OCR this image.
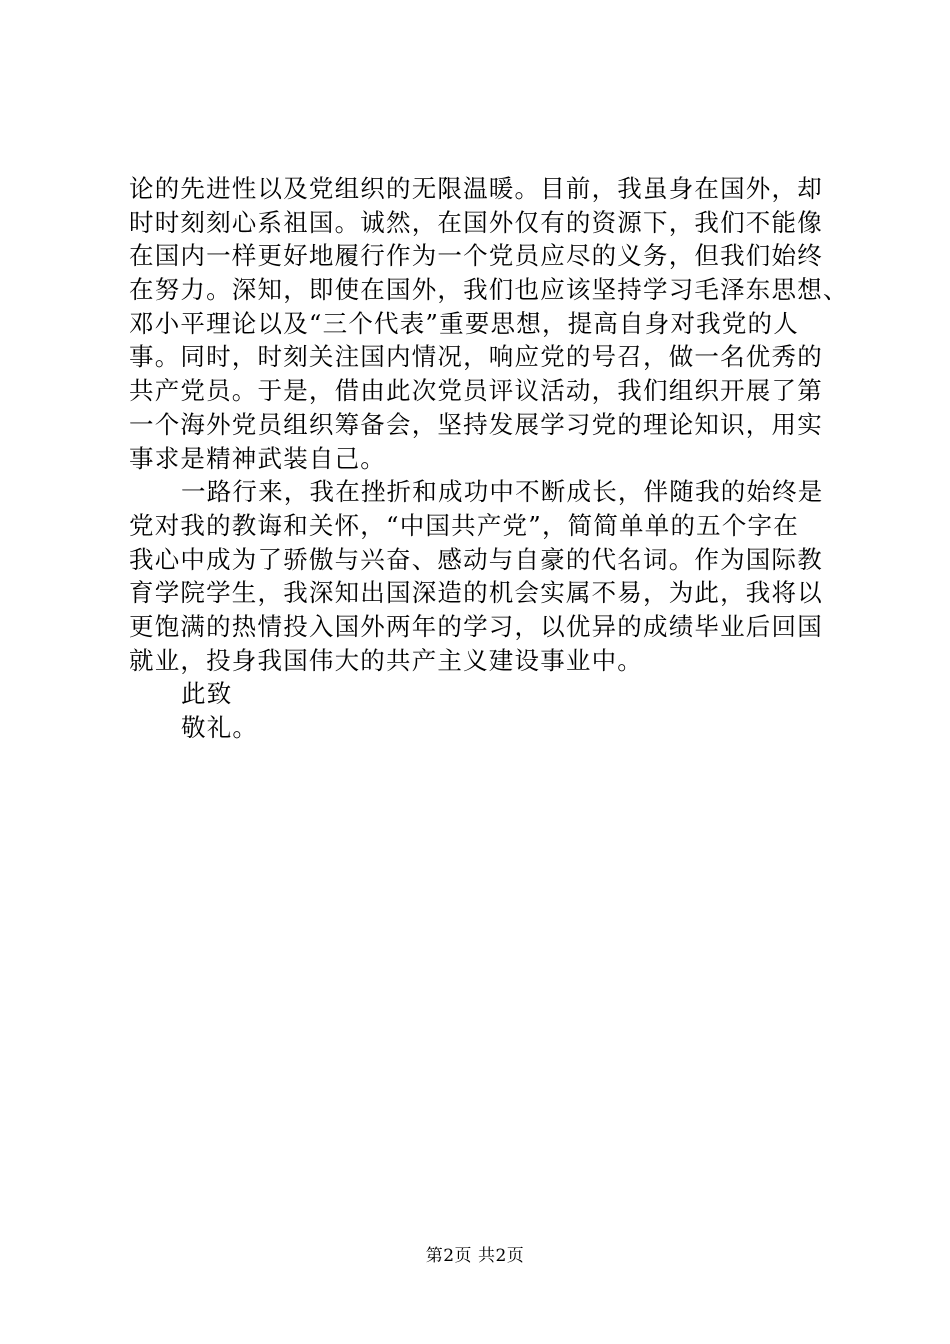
论的先进性以及党组织的无限温暖。目前，我虽身在国外，却
时时刻刻心系祖国。诚然，在国外仅有的资源下，我们不能像
在国内一样更好地履行作为一个党员应尽的义务，但我们始终
在努力。深知，即使在国外，我们也应该坚持学习毛泽东思想、
邓小平理论以及“三个代表”重要思想，提高自身对我党的人
事。同时，时刻关注国内情况，响应党的号召，做一名优秀的
共产党员。于是，借由此次党员评议活动，我们组织开展了第
一个海外党员组织筹备会，坚持发展学习党的理论知识，用实
事求是精神武装自己。
一路行来，我在挫折和成功中不断成长，伴随我的始终是
党对我的教诲和关怀，“中国共产党”，简简单单的五个字在
我心中成为了骄傲与兴奋、感动与自豪的代名词。作为国际教
育学院学生，我深知出国深造的机会实属不易，为此，我将以
更饱满的热情投入国外两年的学习，以优异的成绩毕业后回国
就业，投身我国伟大的共产主义建设事业中。
此致
敬礼。
第2页 共2页
